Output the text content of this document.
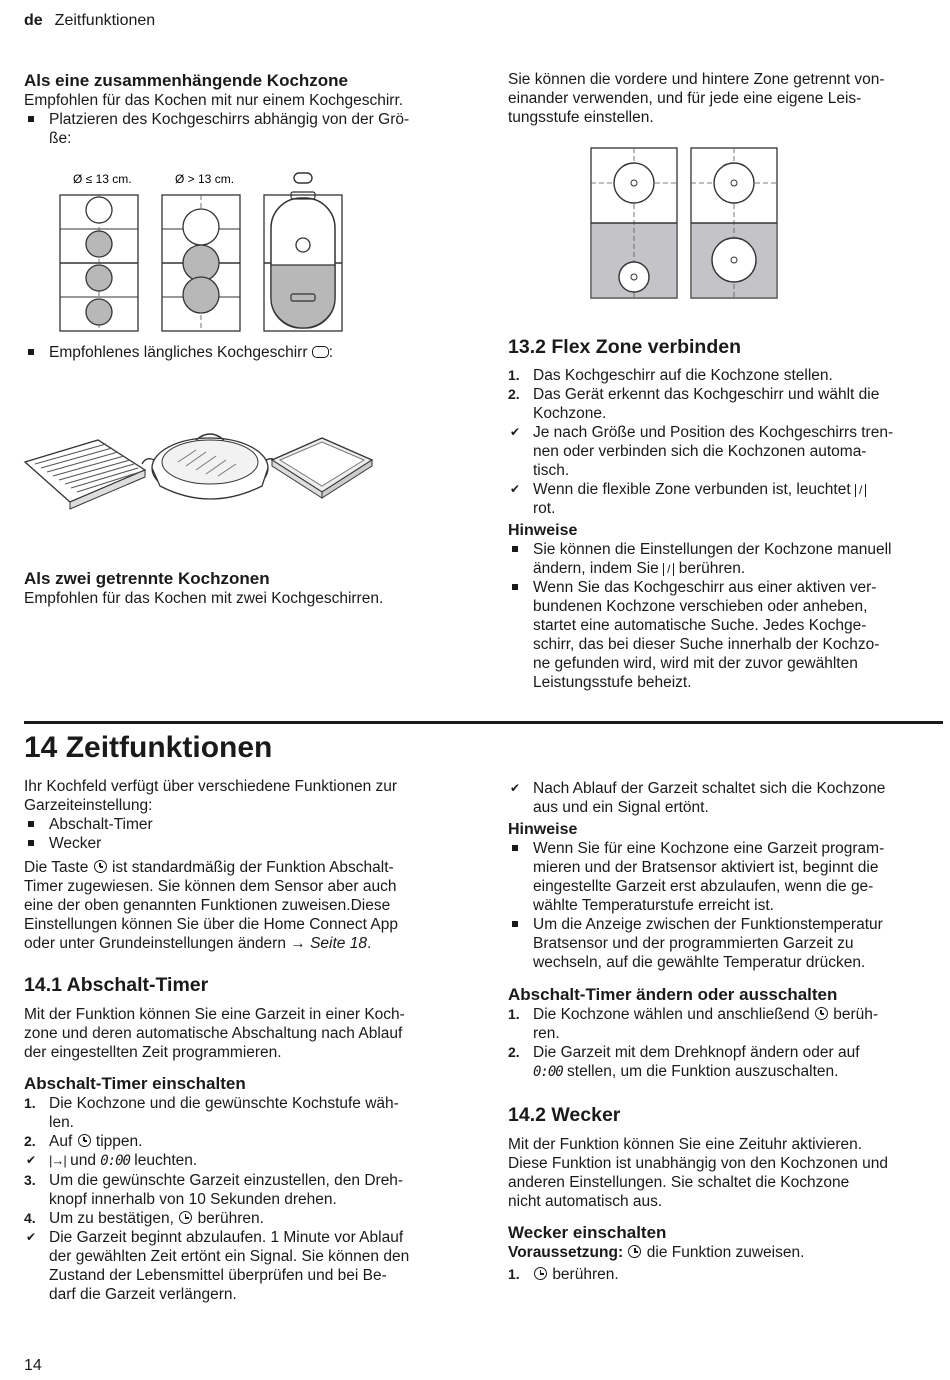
de Zeitfunktionen
Als eine zusammenhängende Kochzone

Empfohlen für das Kochen mit nur einem Kochgeschirr.

Platzieren des Kochgeschirrs abhängig von der Grö-
ße:
Ø ≤ 13 cm.	Ø > 13 cm.
Empfohlenes längliches Kochgeschirr :
Als zwei getrennte Kochzonen

Empfohlen für das Kochen mit zwei Kochgeschirren.

Sie können die vordere und hintere Zone getrennt von-
einander verwenden, und für jede eine eigene Leis-
tungsstufe einstellen.

13.2 Flex Zone verbinden
1. Das Kochgeschirr auf die Kochzone stellen.
2. Das Gerät erkennt das Kochgeschirr und wählt die
Kochzone.
✔ Je nach Größe und Position des Kochgeschirrs tren-
nen oder verbinden sich die Kochzonen automa-
tisch.
✔ Wenn die flexible Zone verbunden ist, leuchtet /
rot.

Hinweise

Sie können die Einstellungen der Kochzone manuell
ändern, indem Sie / berühren.
Wenn Sie das Kochgeschirr aus einer aktiven ver-
bundenen Kochzone verschieben oder anheben,
startet eine automatische Suche. Jedes Kochge-
schirr, das bei dieser Suche innerhalb der Kochzo-
ne gefunden wird, wird mit der zuvor gewählten
Leistungsstufe beheizt.
14 Zeitfunktionen

Ihr Kochfeld verfügt über verschiedene Funktionen zur
Garzeiteinstellung:

Abschalt-Timer
Wecker

Die Taste ist standardmäßig der Funktion Abschalt-
Timer zugewiesen. Sie können dem Sensor aber auch
eine der oben genannten Funktionen zuweisen.Diese
Einstellungen können Sie über die Home Connect App
oder unter Grundeinstellungen ändern → Seite 18.

14.1 Abschalt-Timer

Mit der Funktion können Sie eine Garzeit in einer Koch-
zone und deren automatische Abschaltung nach Ablauf
der eingestellten Zeit programmieren.

Abschalt-Timer einschalten
1. Die Kochzone und die gewünschte Kochstufe wäh-
len.
2. Auf tippen.
✔ |→| und 0:00 leuchten.
3. Um die gewünschte Garzeit einzustellen, den Dreh-
knopf innerhalb von 10 Sekunden drehen.
4. Um zu bestätigen, berühren.
✔ Die Garzeit beginnt abzulaufen. 1 Minute vor Ablauf
der gewählten Zeit ertönt ein Signal. Sie können den
Zustand der Lebensmittel überprüfen und bei Be-
darf die Garzeit verlängern.
✔ Nach Ablauf der Garzeit schaltet sich die Kochzone
aus und ein Signal ertönt.

Hinweise

Wenn Sie für eine Kochzone eine Garzeit program-
mieren und der Bratsensor aktiviert ist, beginnt die
eingestellte Garzeit erst abzulaufen, wenn die ge-
wählte Temperaturstufe erreicht ist.
Um die Anzeige zwischen der Funktionstemperatur
Bratsensor und der programmierten Garzeit zu
wechseln, auf die gewählte Temperatur drücken.
Abschalt-Timer ändern oder ausschalten
1. Die Kochzone wählen und anschließend berüh-
ren.
2. Die Garzeit mit dem Drehknopf ändern oder auf
0:00 stellen, um die Funktion auszuschalten.
14.2 Wecker

Mit der Funktion können Sie eine Zeituhr aktivieren.
Diese Funktion ist unabhängig von den Kochzonen und
anderen Einstellungen. Sie schaltet die Kochzone
nicht automatisch aus.

Wecker einschalten

Voraussetzung: die Funktion zuweisen.

1. berühren.
14
